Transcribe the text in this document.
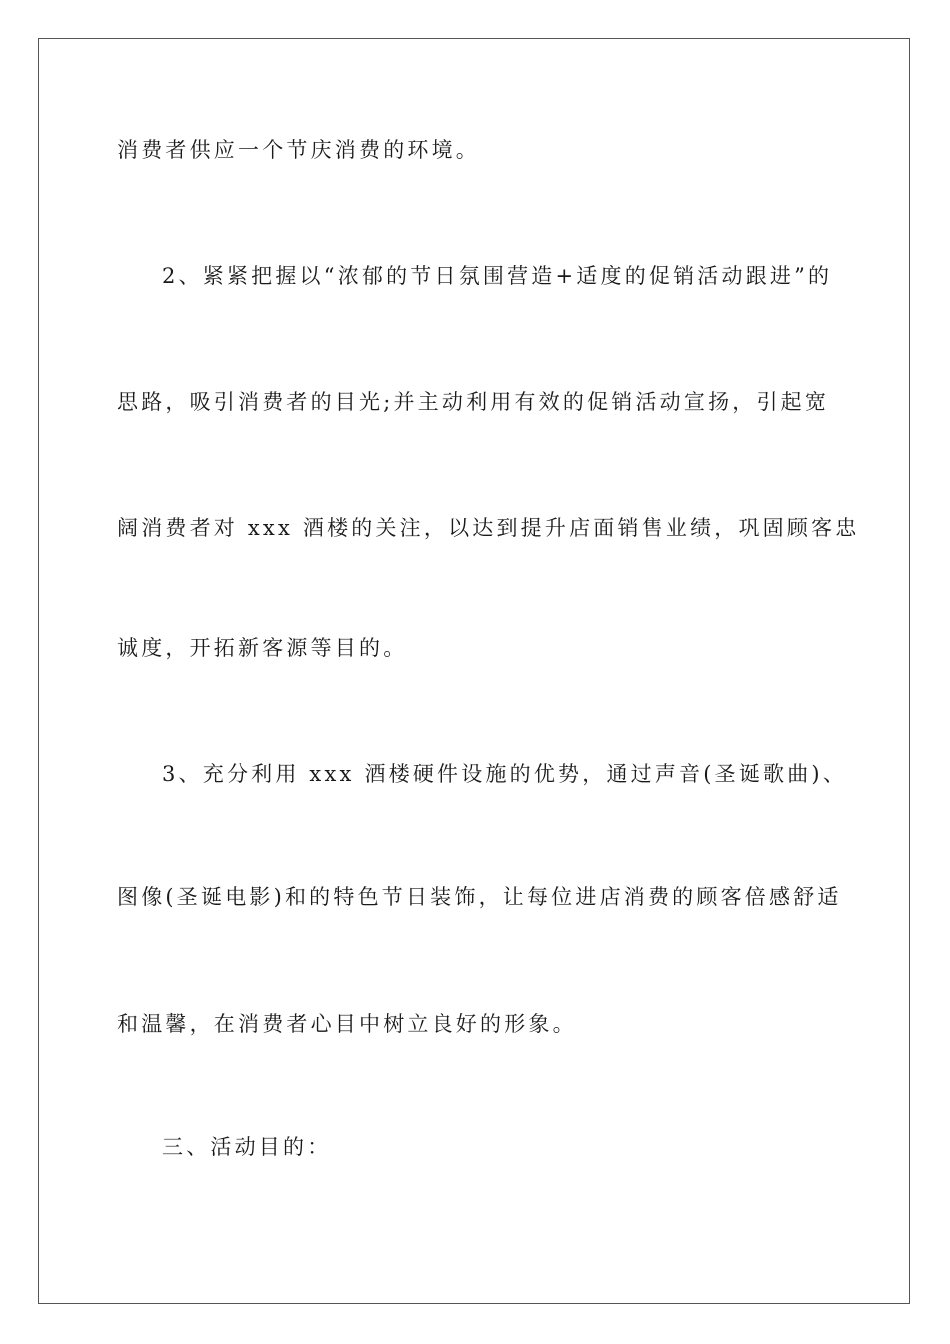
消费者供应一个节庆消费的环境。
2、紧紧把握以“浓郁的节日氛围营造+适度的促销活动跟进”的
思路，吸引消费者的目光;并主动利用有效的促销活动宣扬，引起宽
阔消费者对 xxx 酒楼的关注，以达到提升店面销售业绩，巩固顾客忠
诚度，开拓新客源等目的。
3、充分利用 xxx 酒楼硬件设施的优势，通过声音(圣诞歌曲)、
图像(圣诞电影)和的特色节日装饰，让每位进店消费的顾客倍感舒适
和温馨，在消费者心目中树立良好的形象。
三、活动目的：
